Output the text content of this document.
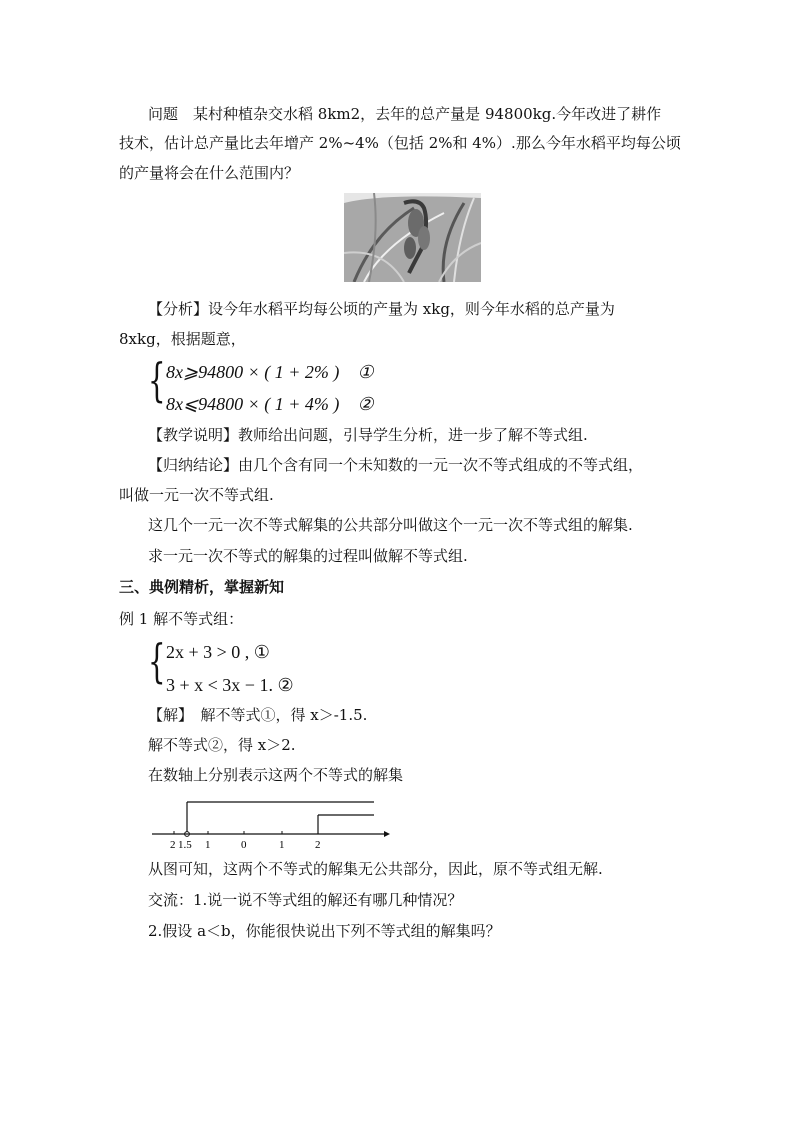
问题　某村种植杂交水稻 8km2，去年的总产量是 94800kg.今年改进了耕作
技术，估计总产量比去年增产 2%~4%（包括 2%和 4%）.那么今年水稻平均每公顷
的产量将会在什么范围内？
【分析】设今年水稻平均每公顷的产量为 xkg，则今年水稻的总产量为
8xkg，根据题意，
{ 8x⩾94800 × ( 1 + 2% )　①
8x⩽94800 × ( 1 + 4% )　②
【教学说明】教师给出问题，引导学生分析，进一步了解不等式组.
【归纳结论】由几个含有同一个未知数的一元一次不等式组成的不等式组，
叫做一元一次不等式组.
这几个一元一次不等式解集的公共部分叫做这个一元一次不等式组的解集.
求一元一次不等式的解集的过程叫做解不等式组.
三、典例精析，掌握新知
例 1 解不等式组：
{ 2x + 3 > 0 , ①
3 + x < 3x − 1. ②
【解】　解不等式①，得 x＞-1.5.
解不等式②，得 x＞2.
在数轴上分别表示这两个不等式的解集
2 1.5 1	0	1	2
从图可知，这两个不等式的解集无公共部分，因此，原不等式组无解.
交流：1.说一说不等式组的解还有哪几种情况？
2.假设 a＜b，你能很快说出下列不等式组的解集吗？
